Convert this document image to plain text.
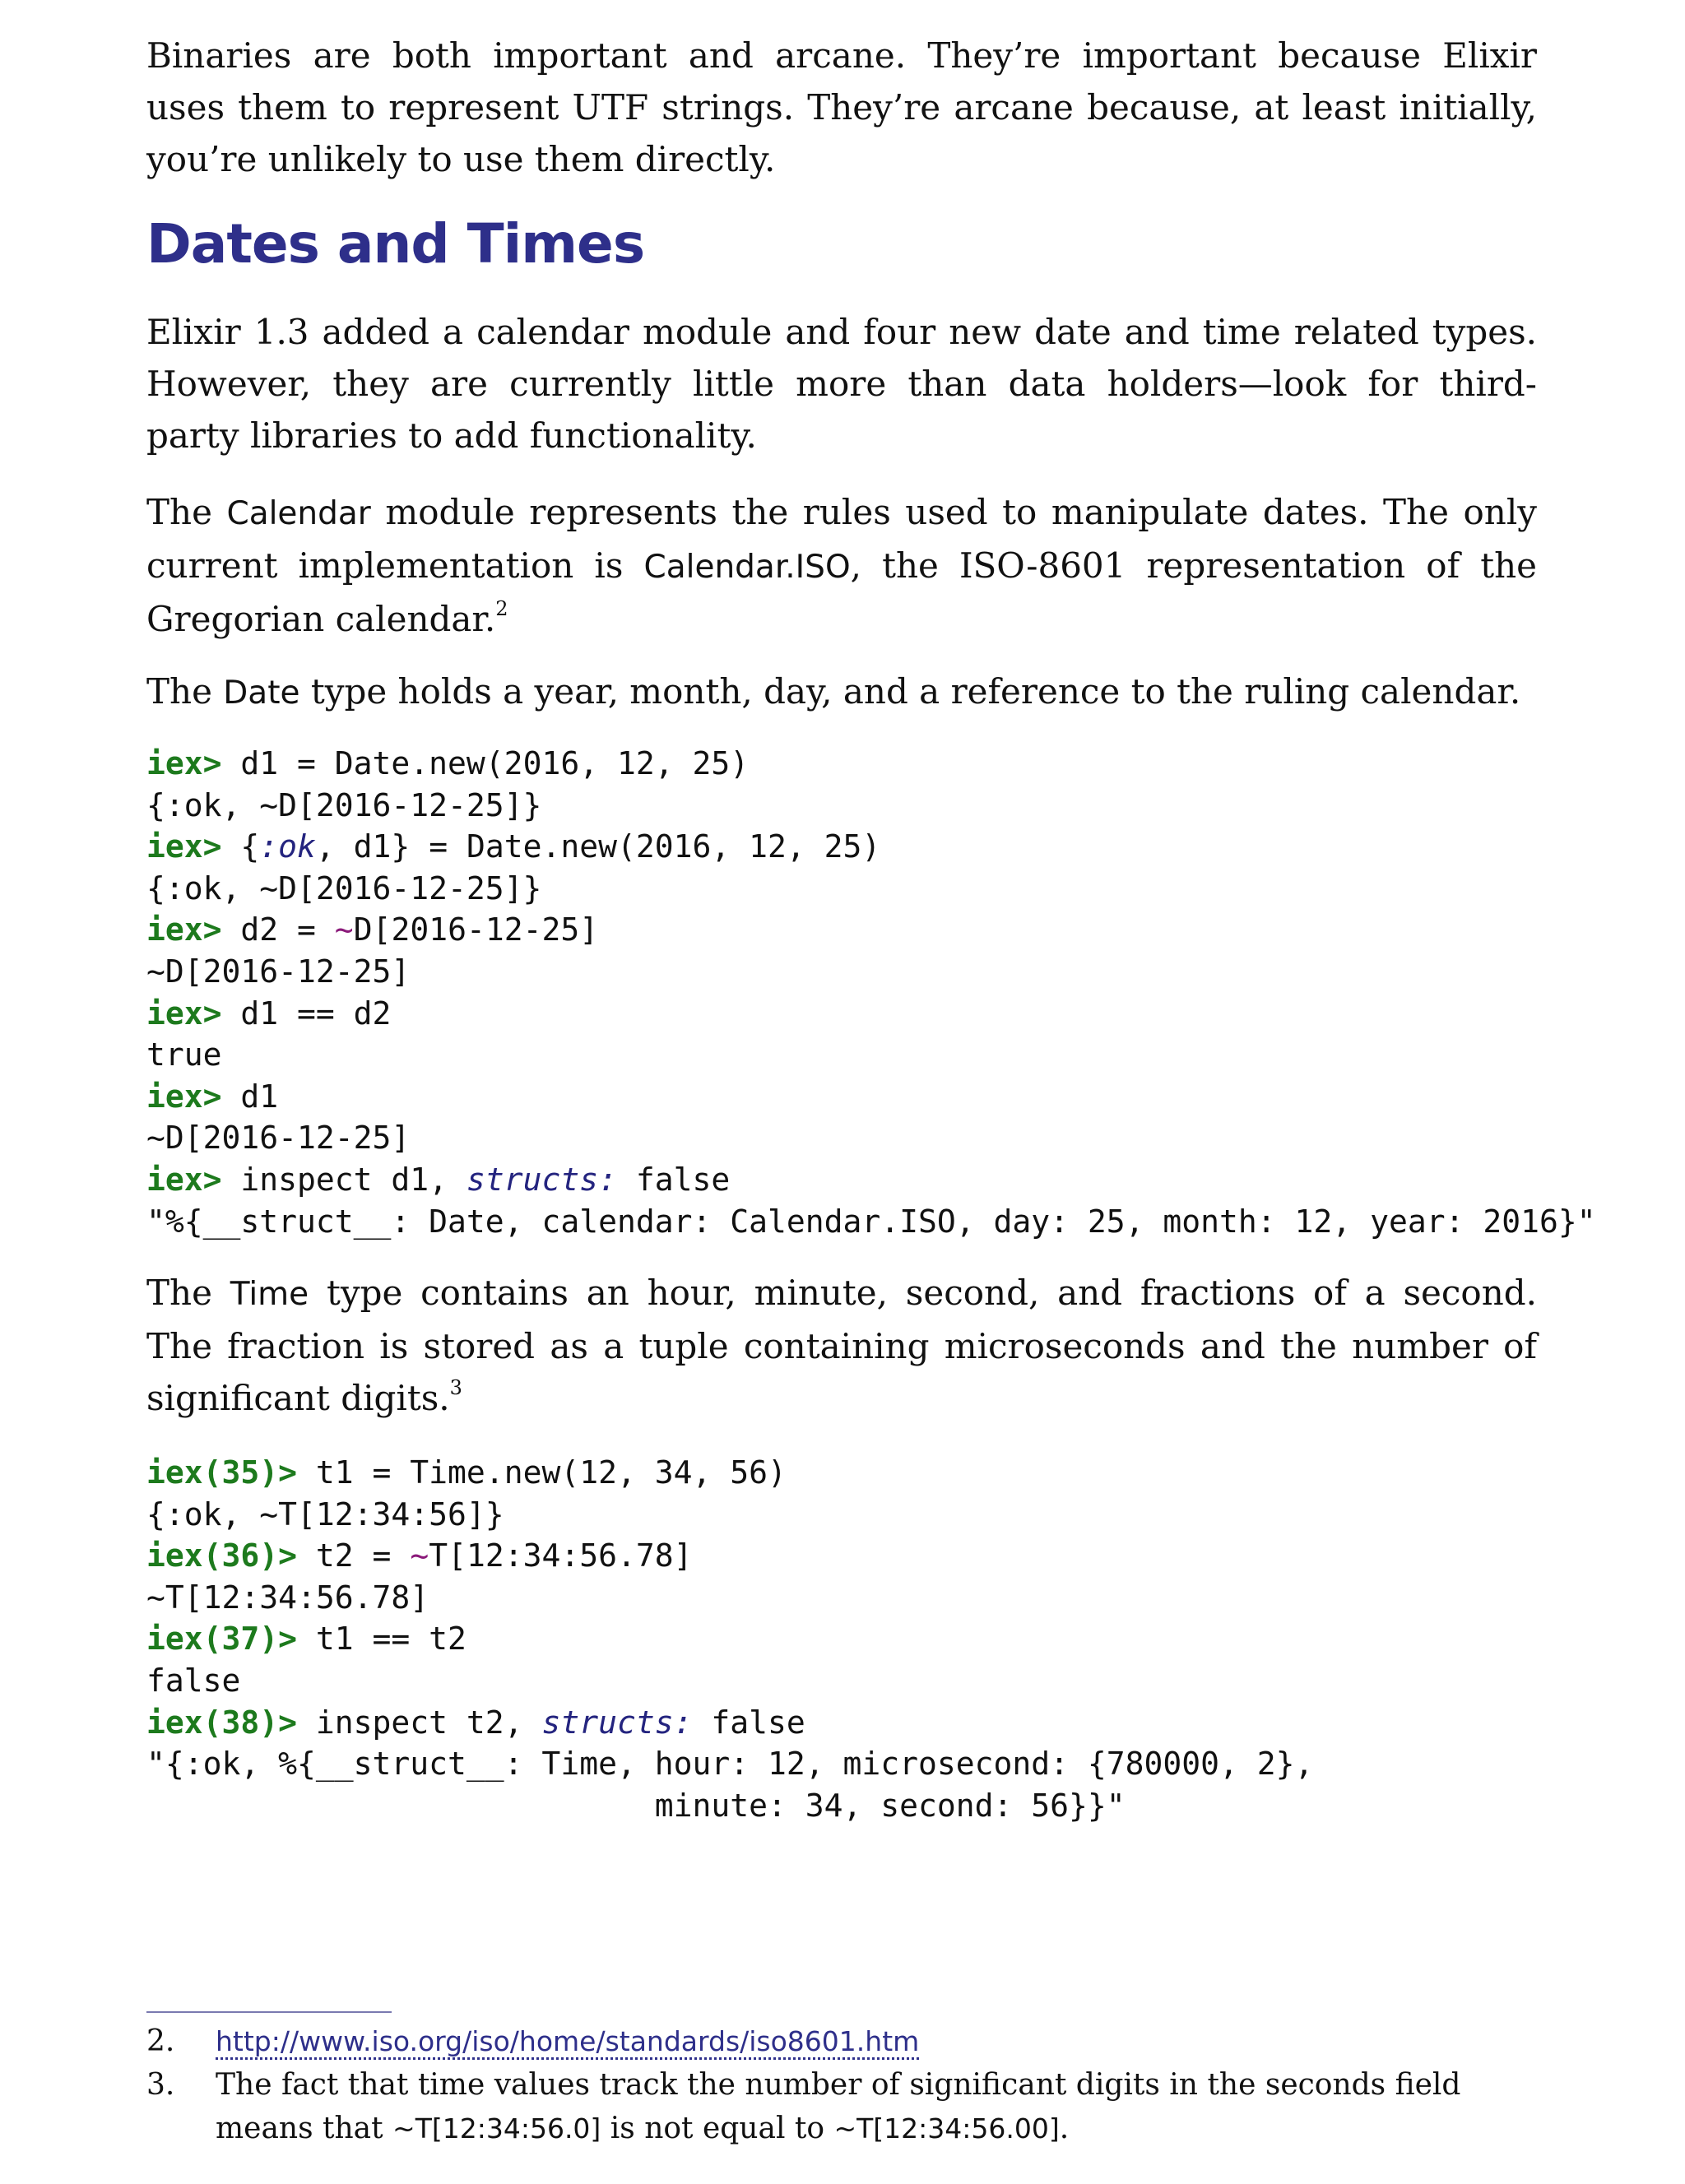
Binaries are both important and arcane. They’re important because Elixir
uses them to represent UTF strings. They’re arcane because, at least initially,
you’re unlikely to use them directly.

Dates and Times

Elixir 1.3 added a calendar module and four new date and time related types.
However, they are currently little more than data holders—look for third-
party libraries to add functionality.

The Calendar module represents the rules used to manipulate dates. The only
current implementation is Calendar.ISO, the ISO-8601 representation of the
Gregorian calendar.$^2$

The Date type holds a year, month, day, and a reference to the ruling calendar.

iex> d1 = Date.new(2016, 12, 25)
{:ok, ~D[2016-12-25]}
iex> {:ok, d1} = Date.new(2016, 12, 25)
{:ok, ~D[2016-12-25]}
iex> d2 = ~D[2016-12-25]
~D[2016-12-25]
iex> d1 == d2
true
iex> d1
~D[2016-12-25]
iex> inspect d1, structs: false
"%{__struct__: Date, calendar: Calendar.ISO, day: 25, month: 12, year: 2016}"

The Time type contains an hour, minute, second, and fractions of a second.
The fraction is stored as a tuple containing microseconds and the number of
significant digits.$^3$

iex(35)> t1 = Time.new(12, 34, 56)
{:ok, ~T[12:34:56]}
iex(36)> t2 = ~T[12:34:56.78]
~T[12:34:56.78]
iex(37)> t1 == t2
false
iex(38)> inspect t2, structs: false
"{:ok, %{__struct__: Time, hour: 12, microsecond: {780000, 2},
minute: 34, second: 56}}"
2. http://www.iso.org/iso/home/standards/iso8601.htm
3. The fact that time values track the number of significant digits in the seconds field
means that ~T[12:34:56.0] is not equal to ~T[12:34:56.00].
